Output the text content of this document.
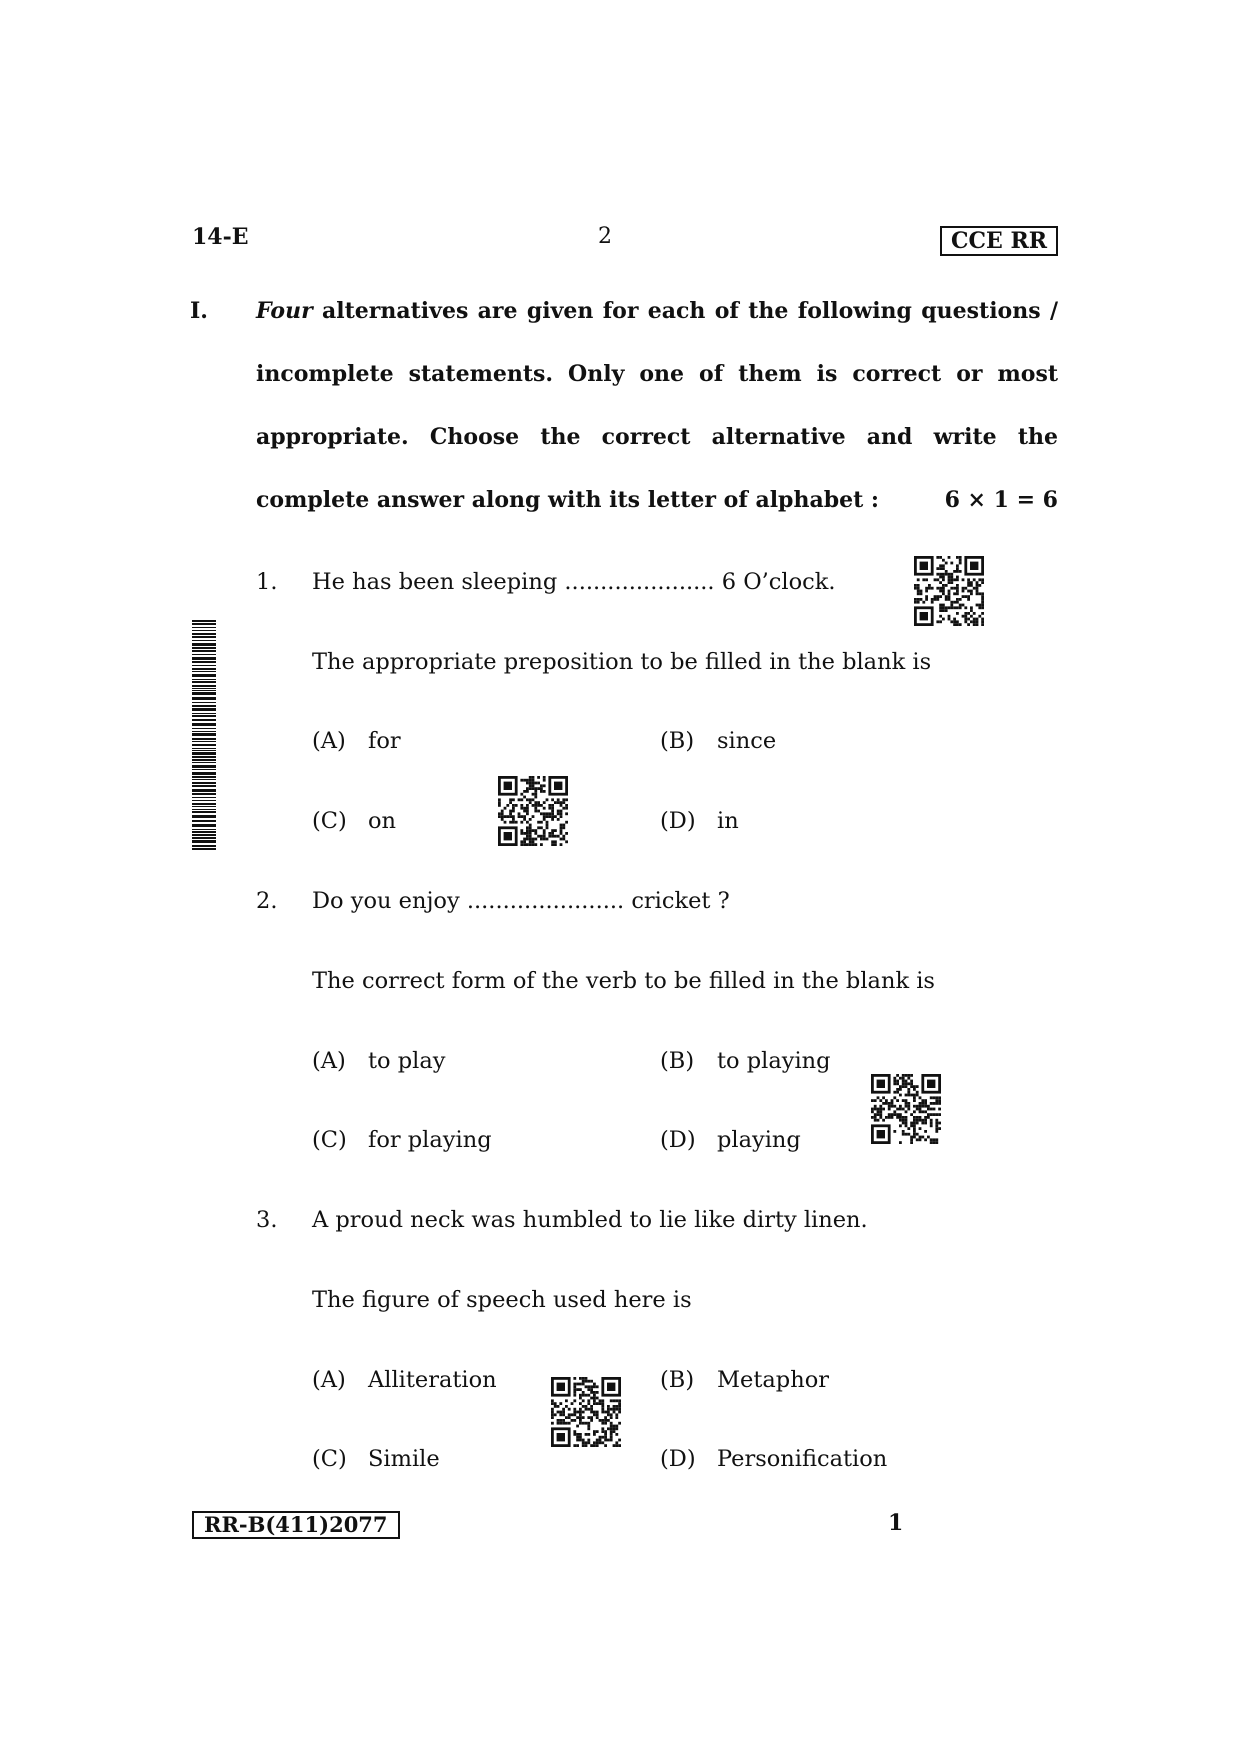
14-E	2	CCE RR
I. Four alternatives are given for each of the following questions /
incomplete statements. Only one of them is correct or most
appropriate. Choose the correct alternative and write the
complete answer along with its letter of alphabet :	6 × 1 = 6
1. He has been sleeping ..................... 6 O’clock.
The appropriate preposition to be filled in the blank is
(A) for	(B) since
(C) on	(D) in
2. Do you enjoy ...................... cricket ?
The correct form of the verb to be filled in the blank is
(A) to play	(B) to playing
(C) for playing	(D) playing
3. A proud neck was humbled to lie like dirty linen.
The figure of speech used here is
(A) Alliteration	(B) Metaphor
(C) Simile	(D) Personification
RR-B(411)2077	1
